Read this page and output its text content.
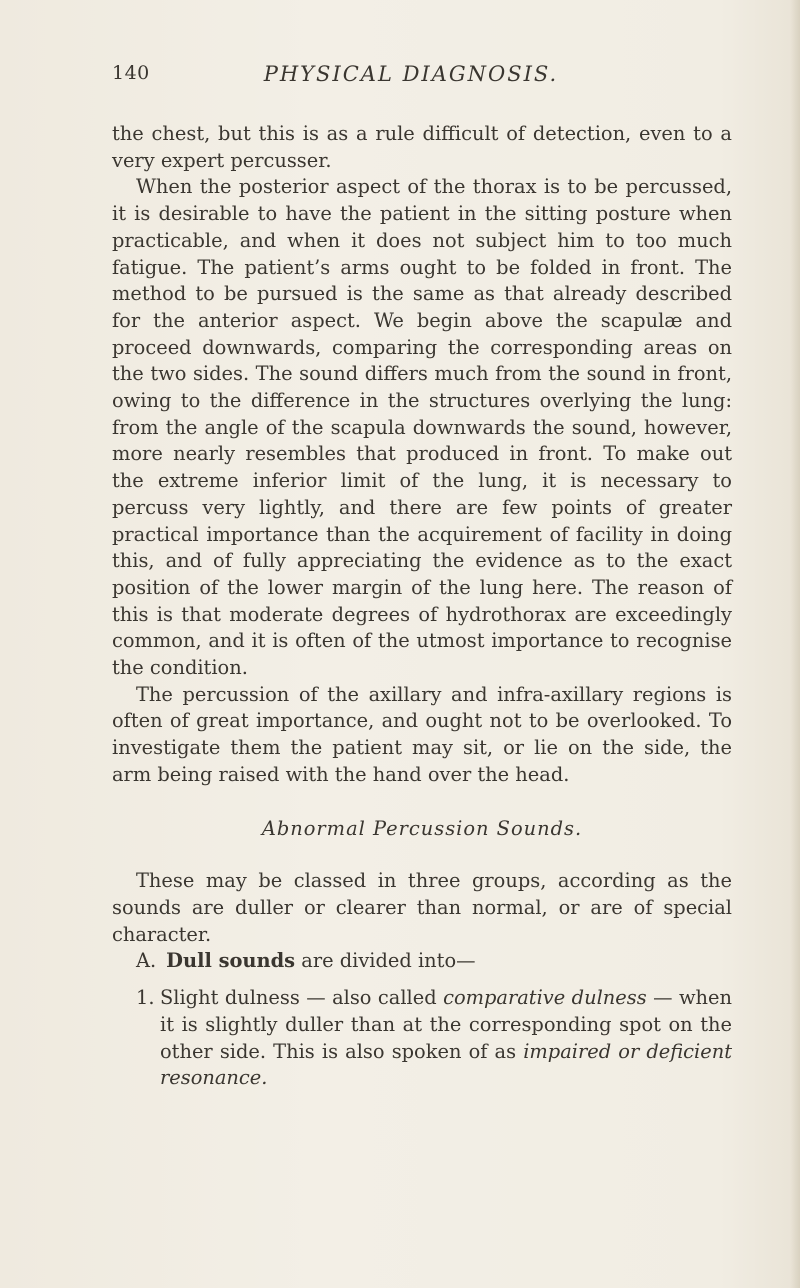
140	PHYSICAL DIAGNOSIS.

the chest, but this is as a rule difficult of detection, even to a very expert percusser.

When the posterior aspect of the thorax is to be percussed, it is desirable to have the patient in the sitting posture when practicable, and when it does not subject him to too much fatigue. The patient’s arms ought to be folded in front. The method to be pursued is the same as that already described for the anterior aspect. We begin above the scapulæ and proceed downwards, comparing the corresponding areas on the two sides. The sound differs much from the sound in front, owing to the difference in the structures overlying the lung: from the angle of the scapula downwards the sound, however, more nearly resembles that produced in front. To make out the extreme inferior limit of the lung, it is necessary to percuss very lightly, and there are few points of greater practical importance than the acquirement of facility in doing this, and of fully appreciating the evidence as to the exact position of the lower margin of the lung here. The reason of this is that moderate degrees of hydrothorax are exceedingly common, and it is often of the utmost importance to recognise the condition.

The percussion of the axillary and infra-axillary regions is often of great importance, and ought not to be overlooked. To investigate them the patient may sit, or lie on the side, the arm being raised with the hand over the head.

Abnormal Percussion Sounds.

These may be classed in three groups, according as the sounds are duller or clearer than normal, or are of special character.

A. Dull sounds are divided into—

1. Slight dulness — also called comparative dulness — when it is slightly duller than at the corresponding spot on the other side. This is also spoken of as impaired or deficient resonance.
